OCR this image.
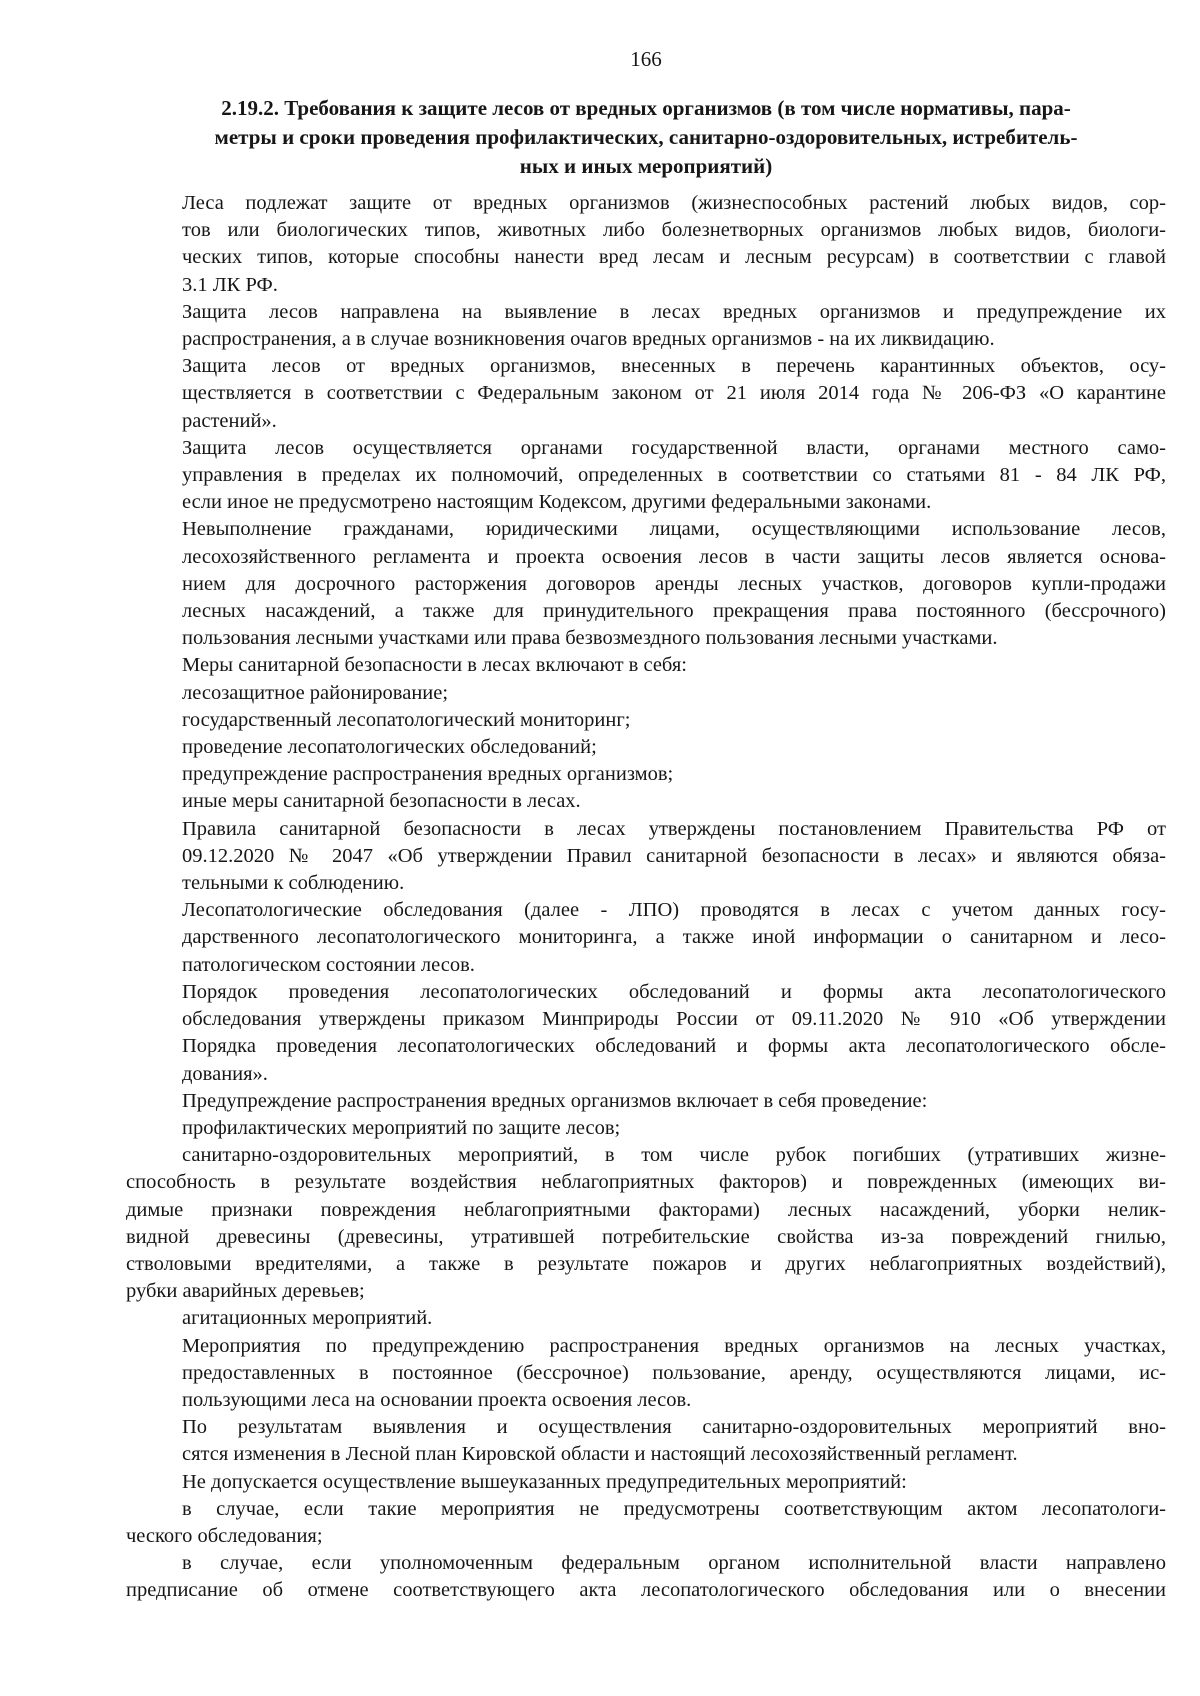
166
2.19.2. Требования к защите лесов от вредных организмов (в том числе нормативы, пара-
метры и сроки проведения профилактических, санитарно-оздоровительных, истребитель-
ных и иных мероприятий)
Леса подлежат защите от вредных организмов (жизнеспособных растений любых видов, сор-
тов или биологических типов, животных либо болезнетворных организмов любых видов, биологи-
ческих типов, которые способны нанести вред лесам и лесным ресурсам) в соответствии с главой
3.1 ЛК РФ.
Защита лесов направлена на выявление в лесах вредных организмов и предупреждение их
распространения, а в случае возникновения очагов вредных организмов - на их ликвидацию.
Защита лесов от вредных организмов, внесенных в перечень карантинных объектов, осу-
ществляется в соответствии с Федеральным законом от 21 июля 2014 года № 206-ФЗ «О карантине
растений».
Защита лесов осуществляется органами государственной власти, органами местного само-
управления в пределах их полномочий, определенных в соответствии со статьями 81 - 84 ЛК РФ,
если иное не предусмотрено настоящим Кодексом, другими федеральными законами.
Невыполнение гражданами, юридическими лицами, осуществляющими использование лесов,
лесохозяйственного регламента и проекта освоения лесов в части защиты лесов является основа-
нием для досрочного расторжения договоров аренды лесных участков, договоров купли-продажи
лесных насаждений, а также для принудительного прекращения права постоянного (бессрочного)
пользования лесными участками или права безвозмездного пользования лесными участками.
Меры санитарной безопасности в лесах включают в себя:
лесозащитное районирование;
государственный лесопатологический мониторинг;
проведение лесопатологических обследований;
предупреждение распространения вредных организмов;
иные меры санитарной безопасности в лесах.
Правила санитарной безопасности в лесах утверждены постановлением Правительства РФ от
09.12.2020 № 2047 «Об утверждении Правил санитарной безопасности в лесах» и являются обяза-
тельными к соблюдению.
Лесопатологические обследования (далее - ЛПО) проводятся в лесах с учетом данных госу-
дарственного лесопатологического мониторинга, а также иной информации о санитарном и лесо-
патологическом состоянии лесов.
Порядок проведения лесопатологических обследований и формы акта лесопатологического
обследования утверждены приказом Минприроды России от 09.11.2020 № 910 «Об утверждении
Порядка проведения лесопатологических обследований и формы акта лесопатологического обсле-
дования».
Предупреждение распространения вредных организмов включает в себя проведение:
профилактических мероприятий по защите лесов;
санитарно-оздоровительных мероприятий, в том числе рубок погибших (утративших жизне-
способность в результате воздействия неблагоприятных факторов) и поврежденных (имеющих ви-
димые признаки повреждения неблагоприятными факторами) лесных насаждений, уборки нелик-
видной древесины (древесины, утратившей потребительские свойства из-за повреждений гнилью,
стволовыми вредителями, а также в результате пожаров и других неблагоприятных воздействий),
рубки аварийных деревьев;
агитационных мероприятий.
Мероприятия по предупреждению распространения вредных организмов на лесных участках,
предоставленных в постоянное (бессрочное) пользование, аренду, осуществляются лицами, ис-
пользующими леса на основании проекта освоения лесов.
По результатам выявления и осуществления санитарно-оздоровительных мероприятий вно-
сятся изменения в Лесной план Кировской области и настоящий лесохозяйственный регламент.
Не допускается осуществление вышеуказанных предупредительных мероприятий:
в случае, если такие мероприятия не предусмотрены соответствующим актом лесопатологи-
ческого обследования;
в случае, если уполномоченным федеральным органом исполнительной власти направлено
предписание об отмене соответствующего акта лесопатологического обследования или о внесении
